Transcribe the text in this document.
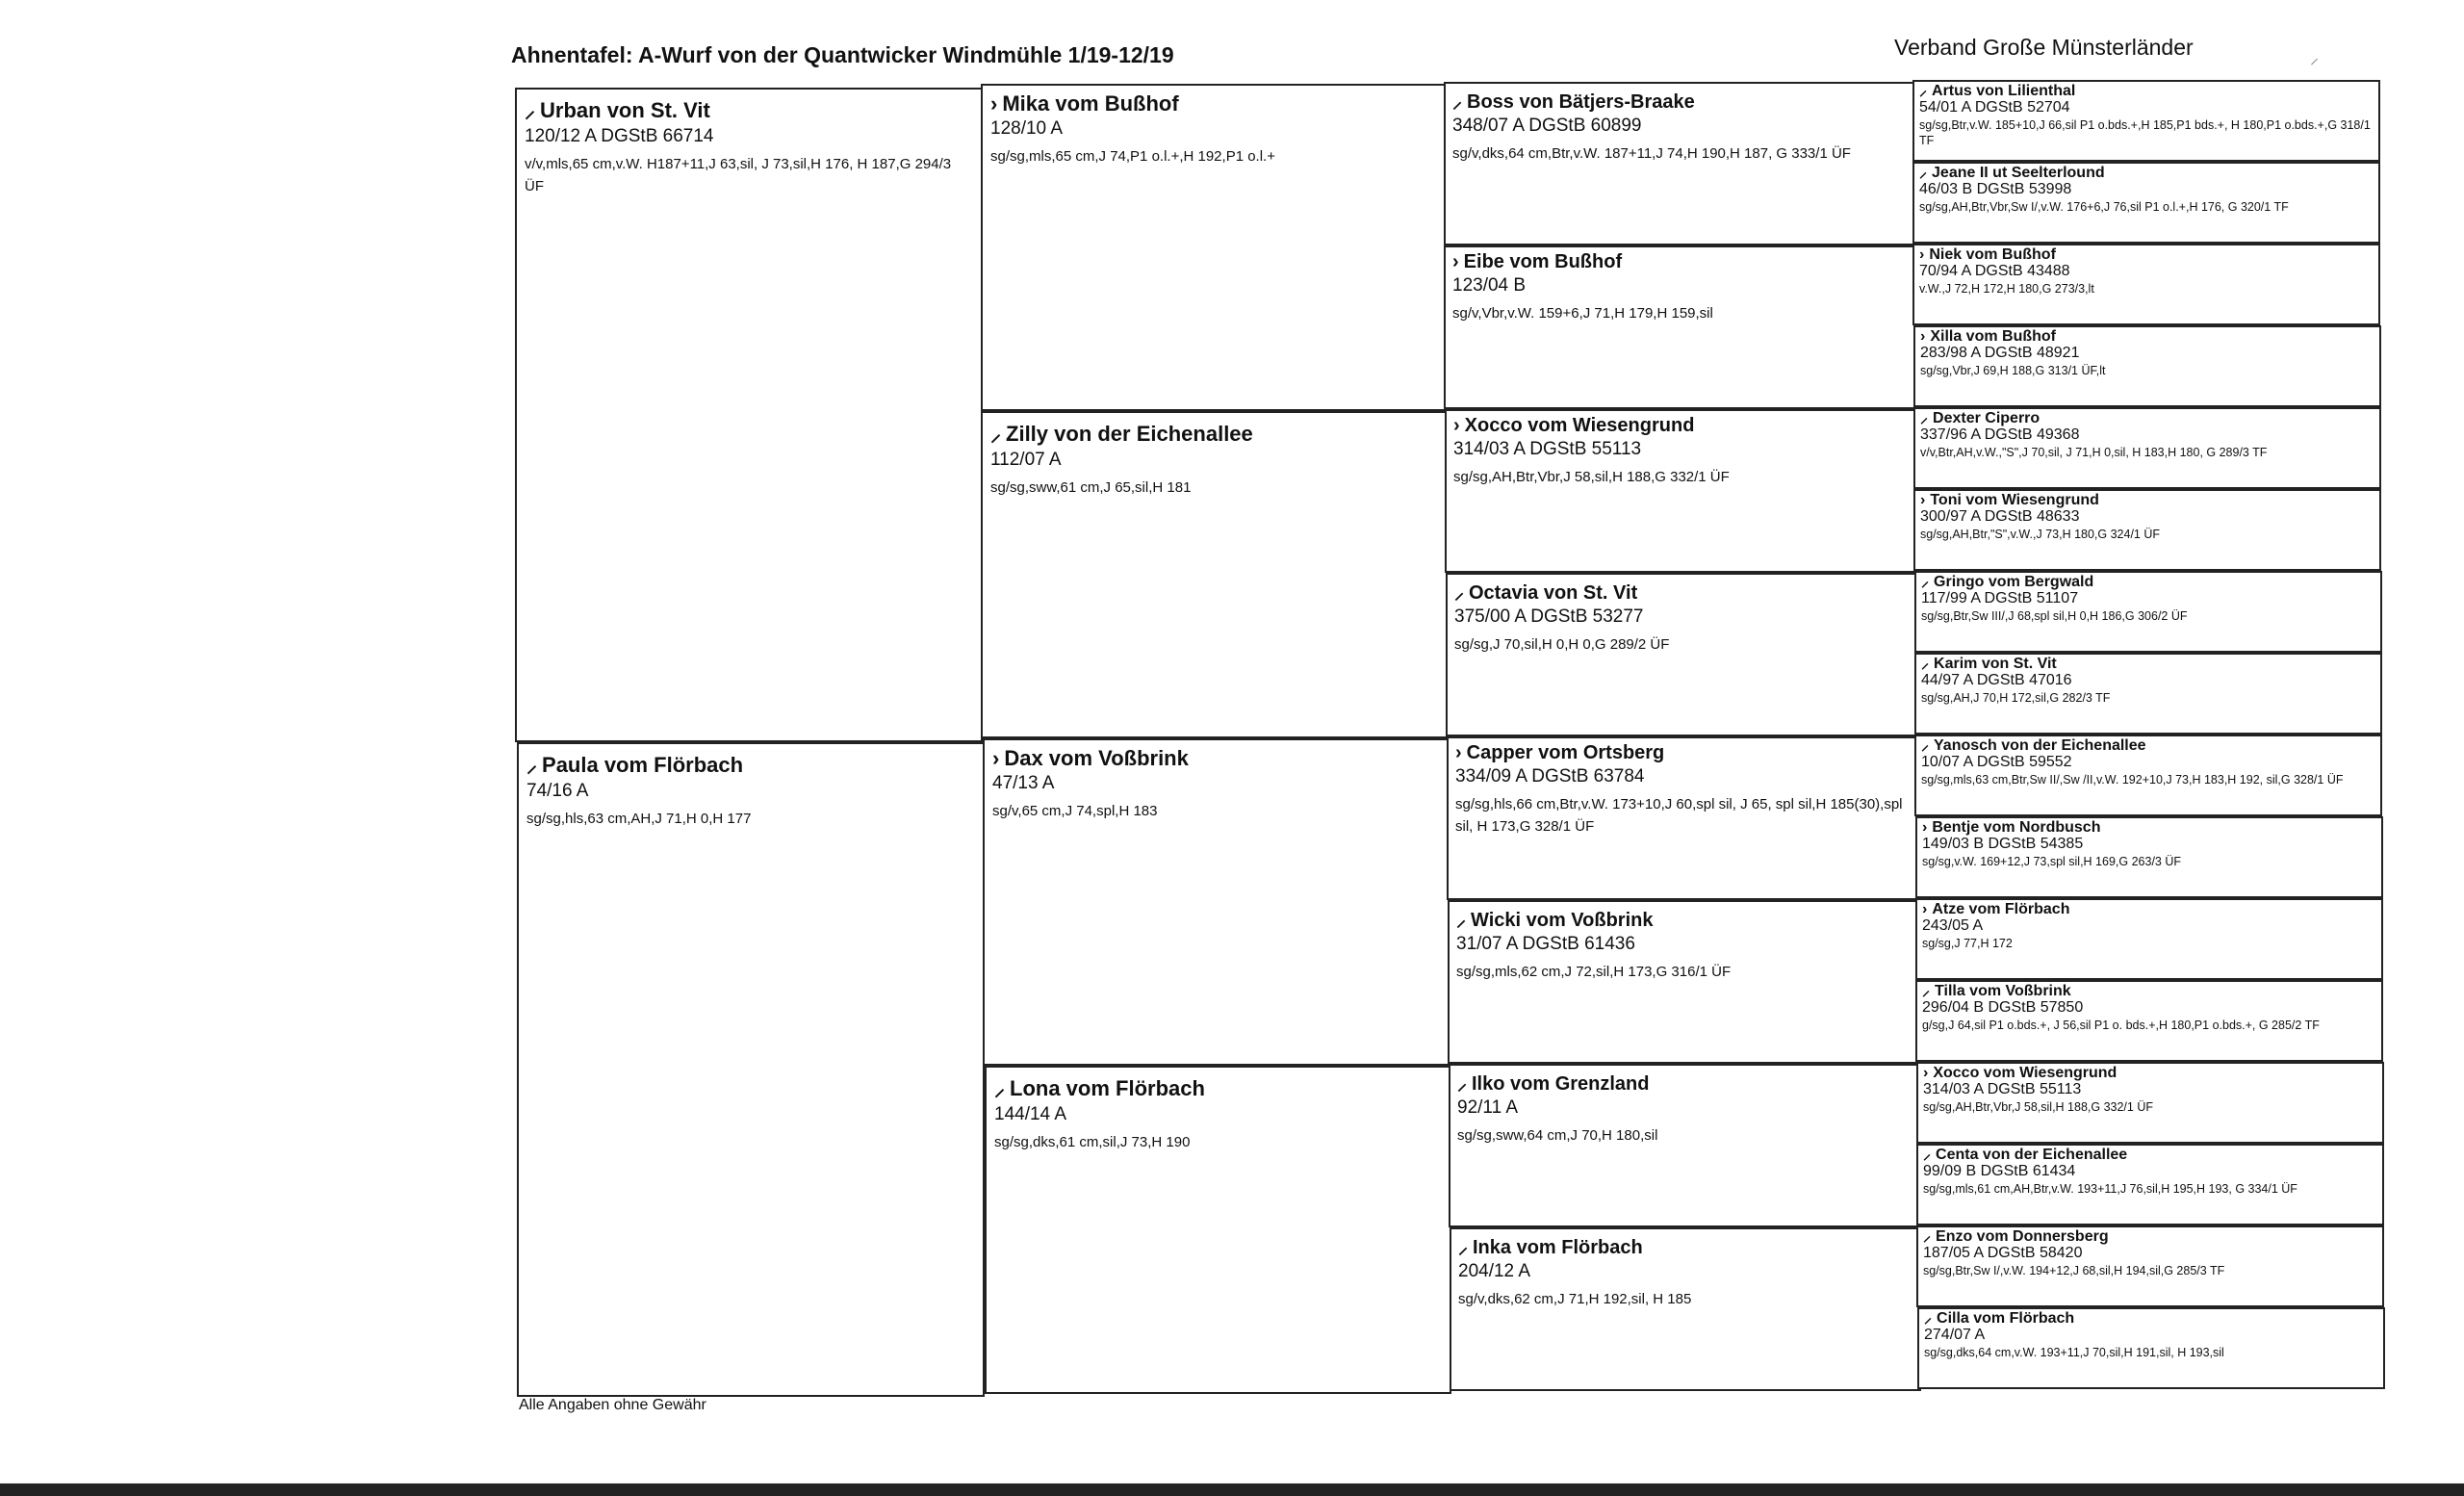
⸝
Ahnentafel: A-Wurf von der Quantwicker Windmühle 1/19-12/19	Verband Große Münsterländer
⸝ Urban von St. Vit
120/12 A DGStB 66714
v/v,mls,65 cm,v.W. H187+11,J 63,sil, J 73,sil,H 176, H 187,G 294/3 ÜF
⸝ Paula vom Flörbach
74/16 A
sg/sg,hls,63 cm,AH,J 71,H 0,H 177
› Mika vom Bußhof
128/10 A
sg/sg,mls,65 cm,J 74,P1 o.l.+,H 192,P1 o.l.+
⸝ Zilly von der Eichenallee
112/07 A
sg/sg,sww,61 cm,J 65,sil,H 181
› Dax vom Voßbrink
47/13 A
sg/v,65 cm,J 74,spl,H 183
⸝ Lona vom Flörbach
144/14 A
sg/sg,dks,61 cm,sil,J 73,H 190
⸝ Boss von Bätjers-Braake
348/07 A DGStB 60899
sg/v,dks,64 cm,Btr,v.W. 187+11,J 74,H 190,H 187, G 333/1 ÜF
› Eibe vom Bußhof
123/04 B
sg/v,Vbr,v.W. 159+6,J 71,H 179,H 159,sil
› Xocco vom Wiesengrund
314/03 A DGStB 55113
sg/sg,AH,Btr,Vbr,J 58,sil,H 188,G 332/1 ÜF
⸝ Octavia von St. Vit
375/00 A DGStB 53277
sg/sg,J 70,sil,H 0,H 0,G 289/2 ÜF
› Capper vom Ortsberg
334/09 A DGStB 63784
sg/sg,hls,66 cm,Btr,v.W. 173+10,J 60,spl sil, J 65, spl sil,H 185(30),spl sil, H 173,G 328/1 ÜF
⸝ Wicki vom Voßbrink
31/07 A DGStB 61436
sg/sg,mls,62 cm,J 72,sil,H 173,G 316/1 ÜF
⸝ Ilko vom Grenzland
92/11 A
sg/sg,sww,64 cm,J 70,H 180,sil
⸝ Inka vom Flörbach
204/12 A
sg/v,dks,62 cm,J 71,H 192,sil, H 185
⸝ Artus von Lilienthal
54/01 A DGStB 52704
sg/sg,Btr,v.W. 185+10,J 66,sil P1 o.bds.+,H 185,P1 bds.+, H 180,P1 o.bds.+,G 318/1 TF
⸝ Jeane II ut Seelterlound
46/03 B DGStB 53998
sg/sg,AH,Btr,Vbr,Sw I/,v.W. 176+6,J 76,sil P1 o.l.+,H 176, G 320/1 TF
› Niek vom Bußhof
70/94 A DGStB 43488
v.W.,J 72,H 172,H 180,G 273/3,lt
› Xilla vom Bußhof
283/98 A DGStB 48921
sg/sg,Vbr,J 69,H 188,G 313/1 ÜF,lt
⸝ Dexter Ciperro
337/96 A DGStB 49368
v/v,Btr,AH,v.W.,"S",J 70,sil, J 71,H 0,sil, H 183,H 180, G 289/3 TF
› Toni vom Wiesengrund
300/97 A DGStB 48633
sg/sg,AH,Btr,"S",v.W.,J 73,H 180,G 324/1 ÜF
⸝ Gringo vom Bergwald
117/99 A DGStB 51107
sg/sg,Btr,Sw III/,J 68,spl sil,H 0,H 186,G 306/2 ÜF
⸝ Karim von St. Vit
44/97 A DGStB 47016
sg/sg,AH,J 70,H 172,sil,G 282/3 TF
⸝ Yanosch von der Eichenallee
10/07 A DGStB 59552
sg/sg,mls,63 cm,Btr,Sw II/,Sw /II,v.W. 192+10,J 73,H 183,H 192, sil,G 328/1 ÜF
› Bentje vom Nordbusch
149/03 B DGStB 54385
sg/sg,v.W. 169+12,J 73,spl sil,H 169,G 263/3 ÜF
› Atze vom Flörbach
243/05 A
sg/sg,J 77,H 172
⸝ Tilla vom Voßbrink
296/04 B DGStB 57850
g/sg,J 64,sil P1 o.bds.+, J 56,sil P1 o. bds.+,H 180,P1 o.bds.+, G 285/2 TF
› Xocco vom Wiesengrund
314/03 A DGStB 55113
sg/sg,AH,Btr,Vbr,J 58,sil,H 188,G 332/1 ÜF
⸝ Centa von der Eichenallee
99/09 B DGStB 61434
sg/sg,mls,61 cm,AH,Btr,v.W. 193+11,J 76,sil,H 195,H 193, G 334/1 ÜF
⸝ Enzo vom Donnersberg
187/05 A DGStB 58420
sg/sg,Btr,Sw I/,v.W. 194+12,J 68,sil,H 194,sil,G 285/3 TF
⸝ Cilla vom Flörbach
274/07 A
sg/sg,dks,64 cm,v.W. 193+11,J 70,sil,H 191,sil, H 193,sil
Alle Angaben ohne Gewähr
